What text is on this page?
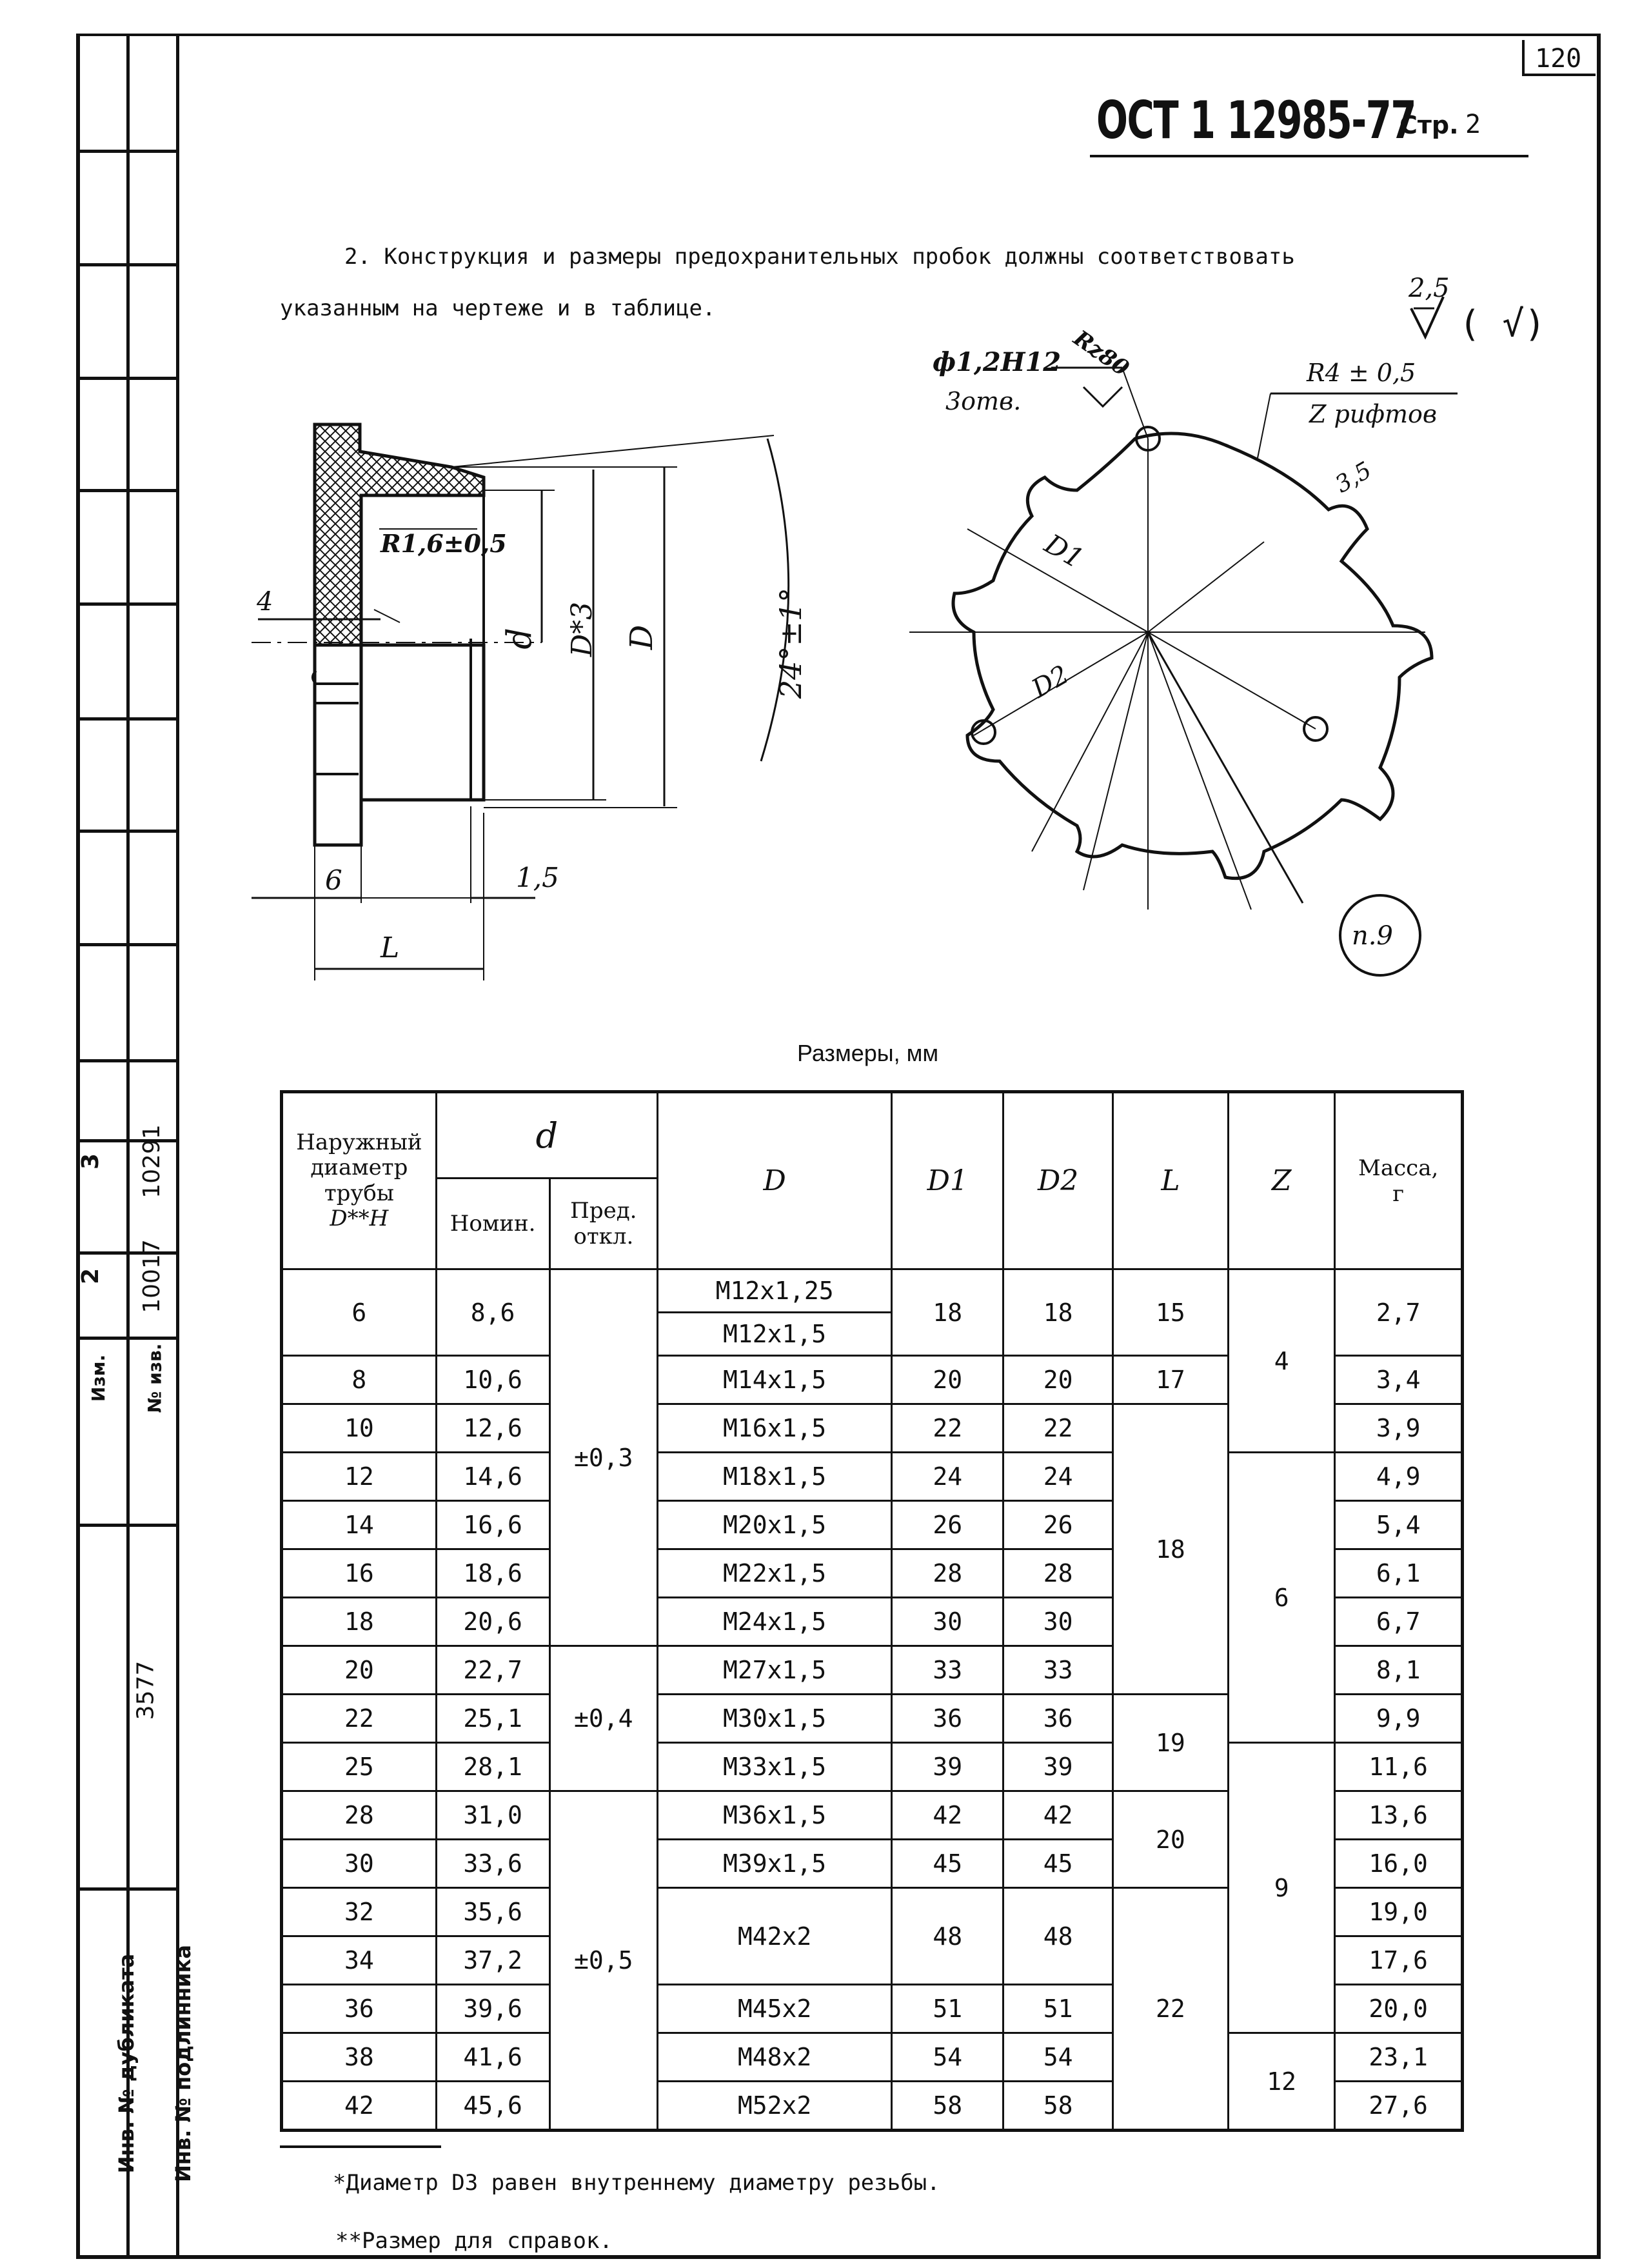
120
ОСТ 1 12985-77
Стр. 2
2. Конструкция и размеры предохранительных пробок должны соответствовать
указанным на чертеже и в таблице.
2,5
( √)
R1,6±0,5
4
6	1,5
L
d D*3 D	24°±1°
ф1,2H12
3отв.
Rz80	R4 ± 0,5
Z рифтов
3,5
D1
D2
п.9
Размеры, мм
Наружный
диаметр
трубы
D**H	d		D	D1	D2	L	Z	Масса,
г
	Номин.	Пред.
откл.						
6	8,6	±0,3	M12x1,25	18	18	15	4	2,7
			M12x1,5					
8	10,6		M14x1,5	20	20	17		3,4
10	12,6		M16x1,5	22	22	18		3,9
12	14,6		M18x1,5	24	24		6	4,9
14	16,6		M20x1,5	26	26			5,4
16	18,6		M22x1,5	28	28			6,1
18	20,6		M24x1,5	30	30			6,7
20	22,7	±0,4	M27x1,5	33	33			8,1
22	25,1		M30x1,5	36	36	19		9,9
25	28,1		M33x1,5	39	39		9	11,6
28	31,0	±0,5	M36x1,5	42	42	20		13,6
30	33,6		M39x1,5	45	45			16,0
32	35,6		M42x2	48	48	22		19,0
34	37,2							17,6
36	39,6		M45x2	51	51			20,0
38	41,6		M48x2	54	54		12	23,1
42	45,6		M52x2	58	58			27,6
*Диаметр D3 равен внутреннему диаметру резьбы.
**Размер для справок.
3 10291
2 10017
Изм. № изв.
3577
Инв. № дубликата Инв. № подлинника
